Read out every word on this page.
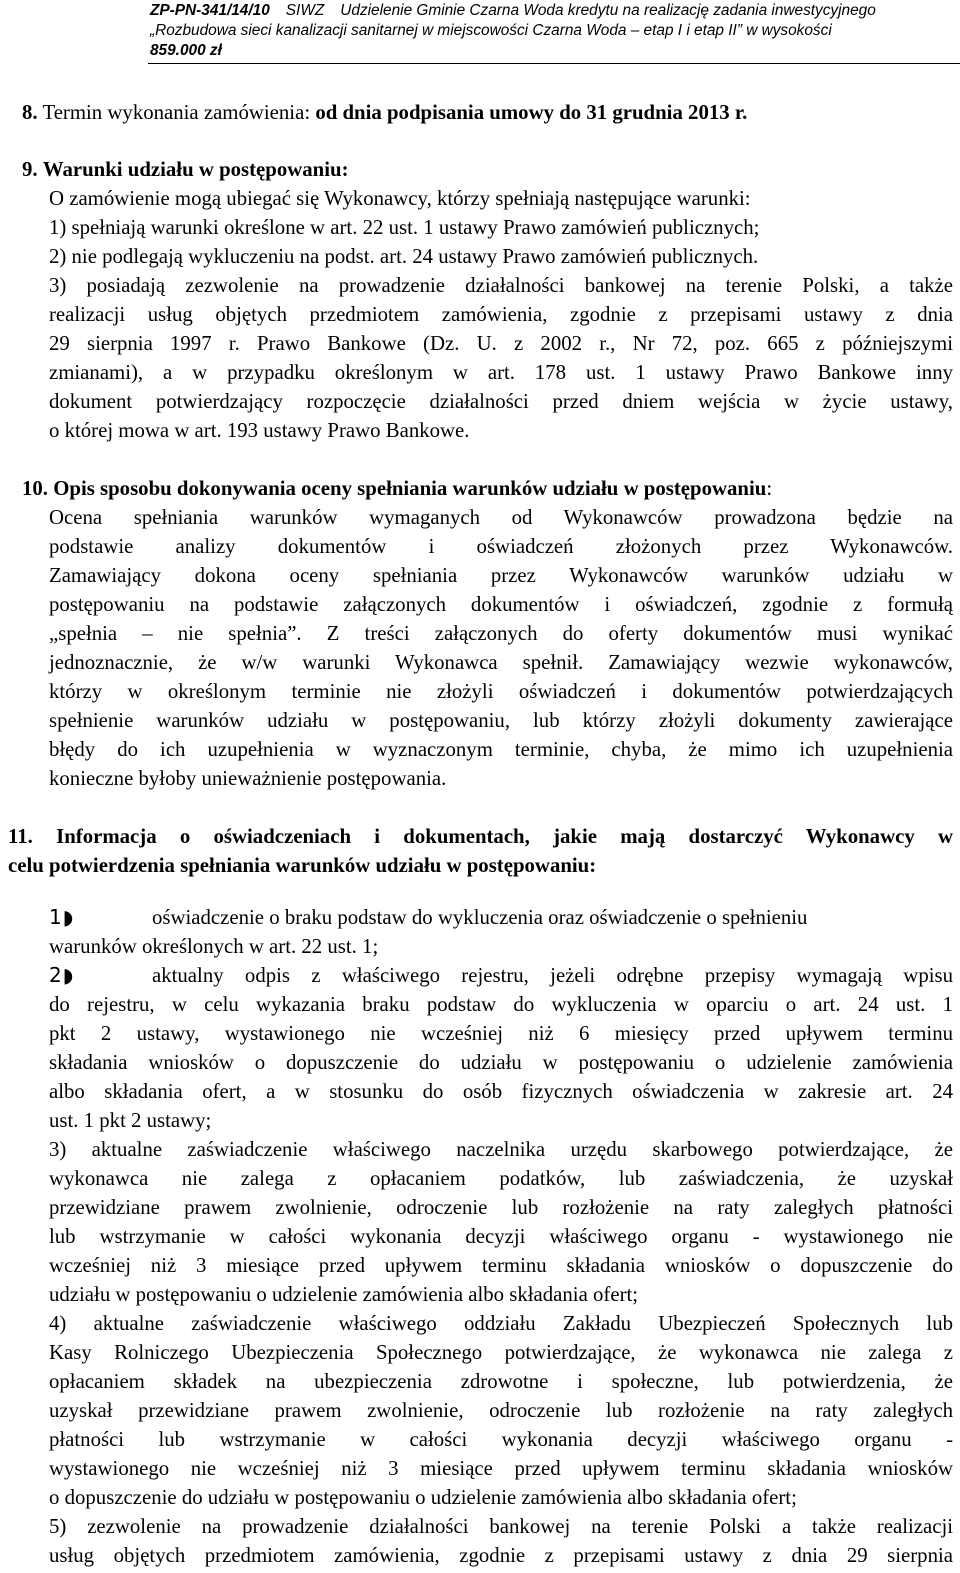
ZP-PN-341/14/10 SIWZ Udzielenie Gminie Czarna Woda kredytu na realizację zadania inwestycyjnego
„Rozbudowa sieci kanalizacji sanitarnej w miejscowości Czarna Woda – etap I i etap II” w wysokości
859.000 zł
8. Termin wykonania zamówienia: od dnia podpisania umowy do 31 grudnia 2013 r.
9. Warunki udziału w postępowaniu:
O zamówienie mogą ubiegać się Wykonawcy, którzy spełniają następujące warunki:
1) spełniają warunki określone w art. 22 ust. 1 ustawy Prawo zamówień publicznych;
2) nie podlegają wykluczeniu na podst. art. 24 ustawy Prawo zamówień publicznych.
3) posiadają zezwolenie na prowadzenie działalności bankowej na terenie Polski, a także
realizacji usług objętych przedmiotem zamówienia, zgodnie z przepisami ustawy z dnia
29 sierpnia 1997 r. Prawo Bankowe (Dz. U. z 2002 r., Nr 72, poz. 665 z późniejszymi
zmianami), a w przypadku określonym w art. 178 ust. 1 ustawy Prawo Bankowe inny
dokument potwierdzający rozpoczęcie działalności przed dniem wejścia w życie ustawy,
o której mowa w art. 193 ustawy Prawo Bankowe.
10. Opis sposobu dokonywania oceny spełniania warunków udziału w postępowaniu:
Ocena spełniania warunków wymaganych od Wykonawców prowadzona będzie na
podstawie analizy dokumentów i oświadczeń złożonych przez Wykonawców.
Zamawiający dokona oceny spełniania przez Wykonawców warunków udziału w
postępowaniu na podstawie załączonych dokumentów i oświadczeń, zgodnie z formułą
„spełnia – nie spełnia”. Z treści załączonych do oferty dokumentów musi wynikać
jednoznacznie, że w/w warunki Wykonawca spełnił. Zamawiający wezwie wykonawców,
którzy w określonym terminie nie złożyli oświadczeń i dokumentów potwierdzających
spełnienie warunków udziału w postępowaniu, lub którzy złożyli dokumenty zawierające
błędy do ich uzupełnienia w wyznaczonym terminie, chyba, że mimo ich uzupełnienia
konieczne byłoby unieważnienie postępowania.
11. Informacja o oświadczeniach i dokumentach, jakie mają dostarczyć Wykonawcy w
celu potwierdzenia spełniania warunków udziału w postępowaniu:
1◗	oświadczenie o braku podstaw do wykluczenia oraz oświadczenie o spełnieniu
warunków określonych w art. 22 ust. 1;
2◗	aktualny odpis z właściwego rejestru, jeżeli odrębne przepisy wymagają wpisu
do rejestru, w celu wykazania braku podstaw do wykluczenia w oparciu o art. 24 ust. 1
pkt 2 ustawy, wystawionego nie wcześniej niż 6 miesięcy przed upływem terminu
składania wniosków o dopuszczenie do udziału w postępowaniu o udzielenie zamówienia
albo składania ofert, a w stosunku do osób fizycznych oświadczenia w zakresie art. 24
ust. 1 pkt 2 ustawy;
3) aktualne zaświadczenie właściwego naczelnika urzędu skarbowego potwierdzające, że
wykonawca nie zalega z opłacaniem podatków, lub zaświadczenia, że uzyskał
przewidziane prawem zwolnienie, odroczenie lub rozłożenie na raty zaległych płatności
lub wstrzymanie w całości wykonania decyzji właściwego organu - wystawionego nie
wcześniej niż 3 miesiące przed upływem terminu składania wniosków o dopuszczenie do
udziału w postępowaniu o udzielenie zamówienia albo składania ofert;
4) aktualne zaświadczenie właściwego oddziału Zakładu Ubezpieczeń Społecznych lub
Kasy Rolniczego Ubezpieczenia Społecznego potwierdzające, że wykonawca nie zalega z
opłacaniem składek na ubezpieczenia zdrowotne i społeczne, lub potwierdzenia, że
uzyskał przewidziane prawem zwolnienie, odroczenie lub rozłożenie na raty zaległych
płatności lub wstrzymanie w całości wykonania decyzji właściwego organu -
wystawionego nie wcześniej niż 3 miesiące przed upływem terminu składania wniosków
o dopuszczenie do udziału w postępowaniu o udzielenie zamówienia albo składania ofert;
5) zezwolenie na prowadzenie działalności bankowej na terenie Polski a także realizacji
usług objętych przedmiotem zamówienia, zgodnie z przepisami ustawy z dnia 29 sierpnia
